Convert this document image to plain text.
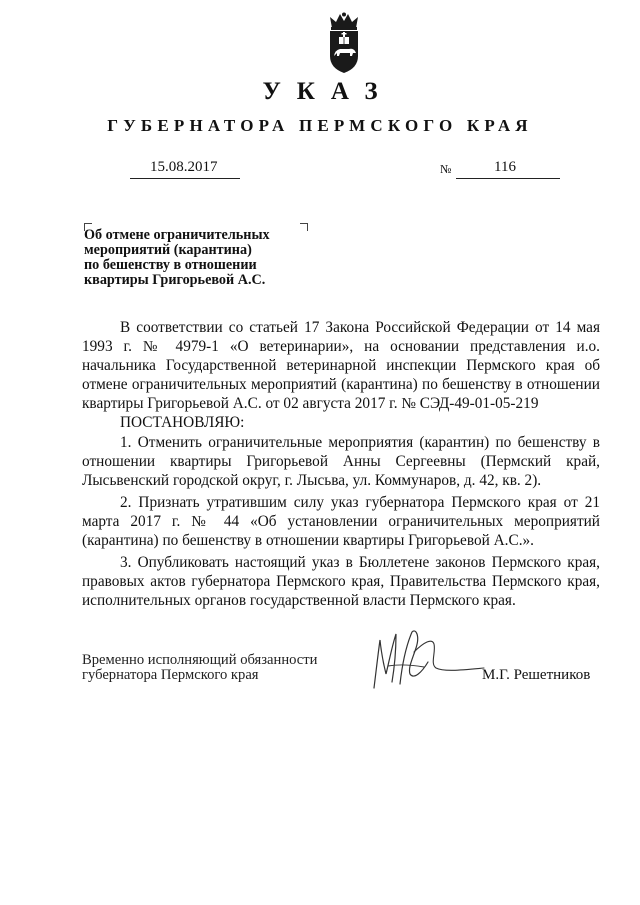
УКАЗ
ГУБЕРНАТОРА ПЕРМСКОГО КРАЯ
15.08.2017	№	116
Об отмене ограничительных
мероприятий (карантина)
по бешенству в отношении
квартиры Григорьевой А.С.

В соответствии со статьей 17 Закона Российской Федерации от 14 мая 1993 г. № 4979-1 «О ветеринарии», на основании представления и.о. начальника Государственной ветеринарной инспекции Пермского края об отмене ограничительных мероприятий (карантина) по бешенству в отношении квартиры Григорьевой А.С. от 02 августа 2017 г. № СЭД-49-01-05-219

ПОСТАНОВЛЯЮ:

1. Отменить ограничительные мероприятия (карантин) по бешенству в отношении квартиры Григорьевой Анны Сергеевны (Пермский край, Лысьвенский городской округ, г. Лысьва, ул. Коммунаров, д. 42, кв. 2).

2. Признать утратившим силу указ губернатора Пермского края от 21 марта 2017 г. № 44 «Об установлении ограничительных мероприятий (карантина) по бешенству в отношении квартиры Григорьевой А.С.».

3. Опубликовать настоящий указ в Бюллетене законов Пермского края, правовых актов губернатора Пермского края, Правительства Пермского края, исполнительных органов государственной власти Пермского края.

Временно исполняющий обязанности
губернатора Пермского края	М.Г. Решетников
